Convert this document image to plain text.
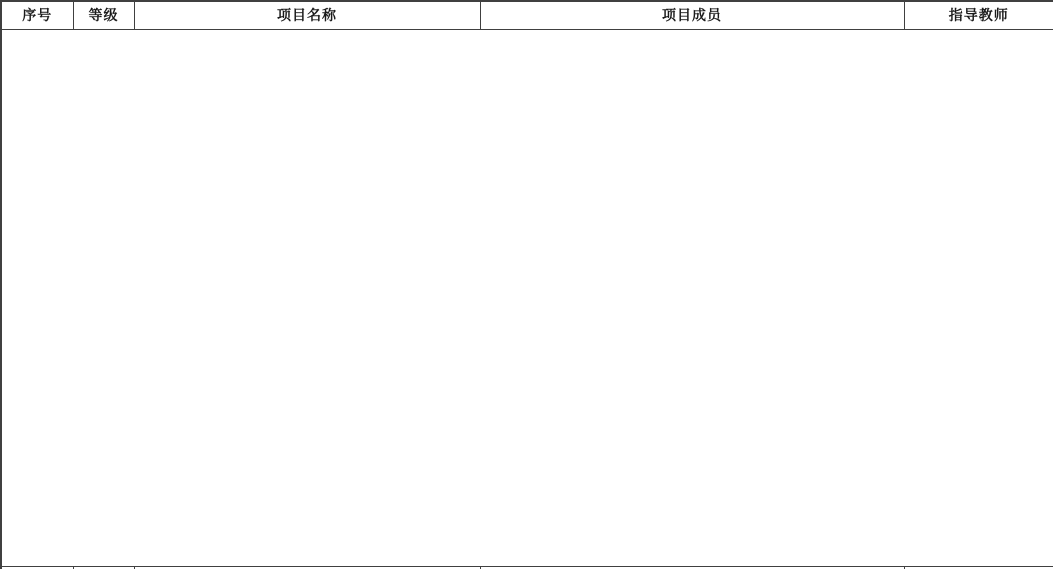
序号	等级	项目名称	项目成员	指导教师
